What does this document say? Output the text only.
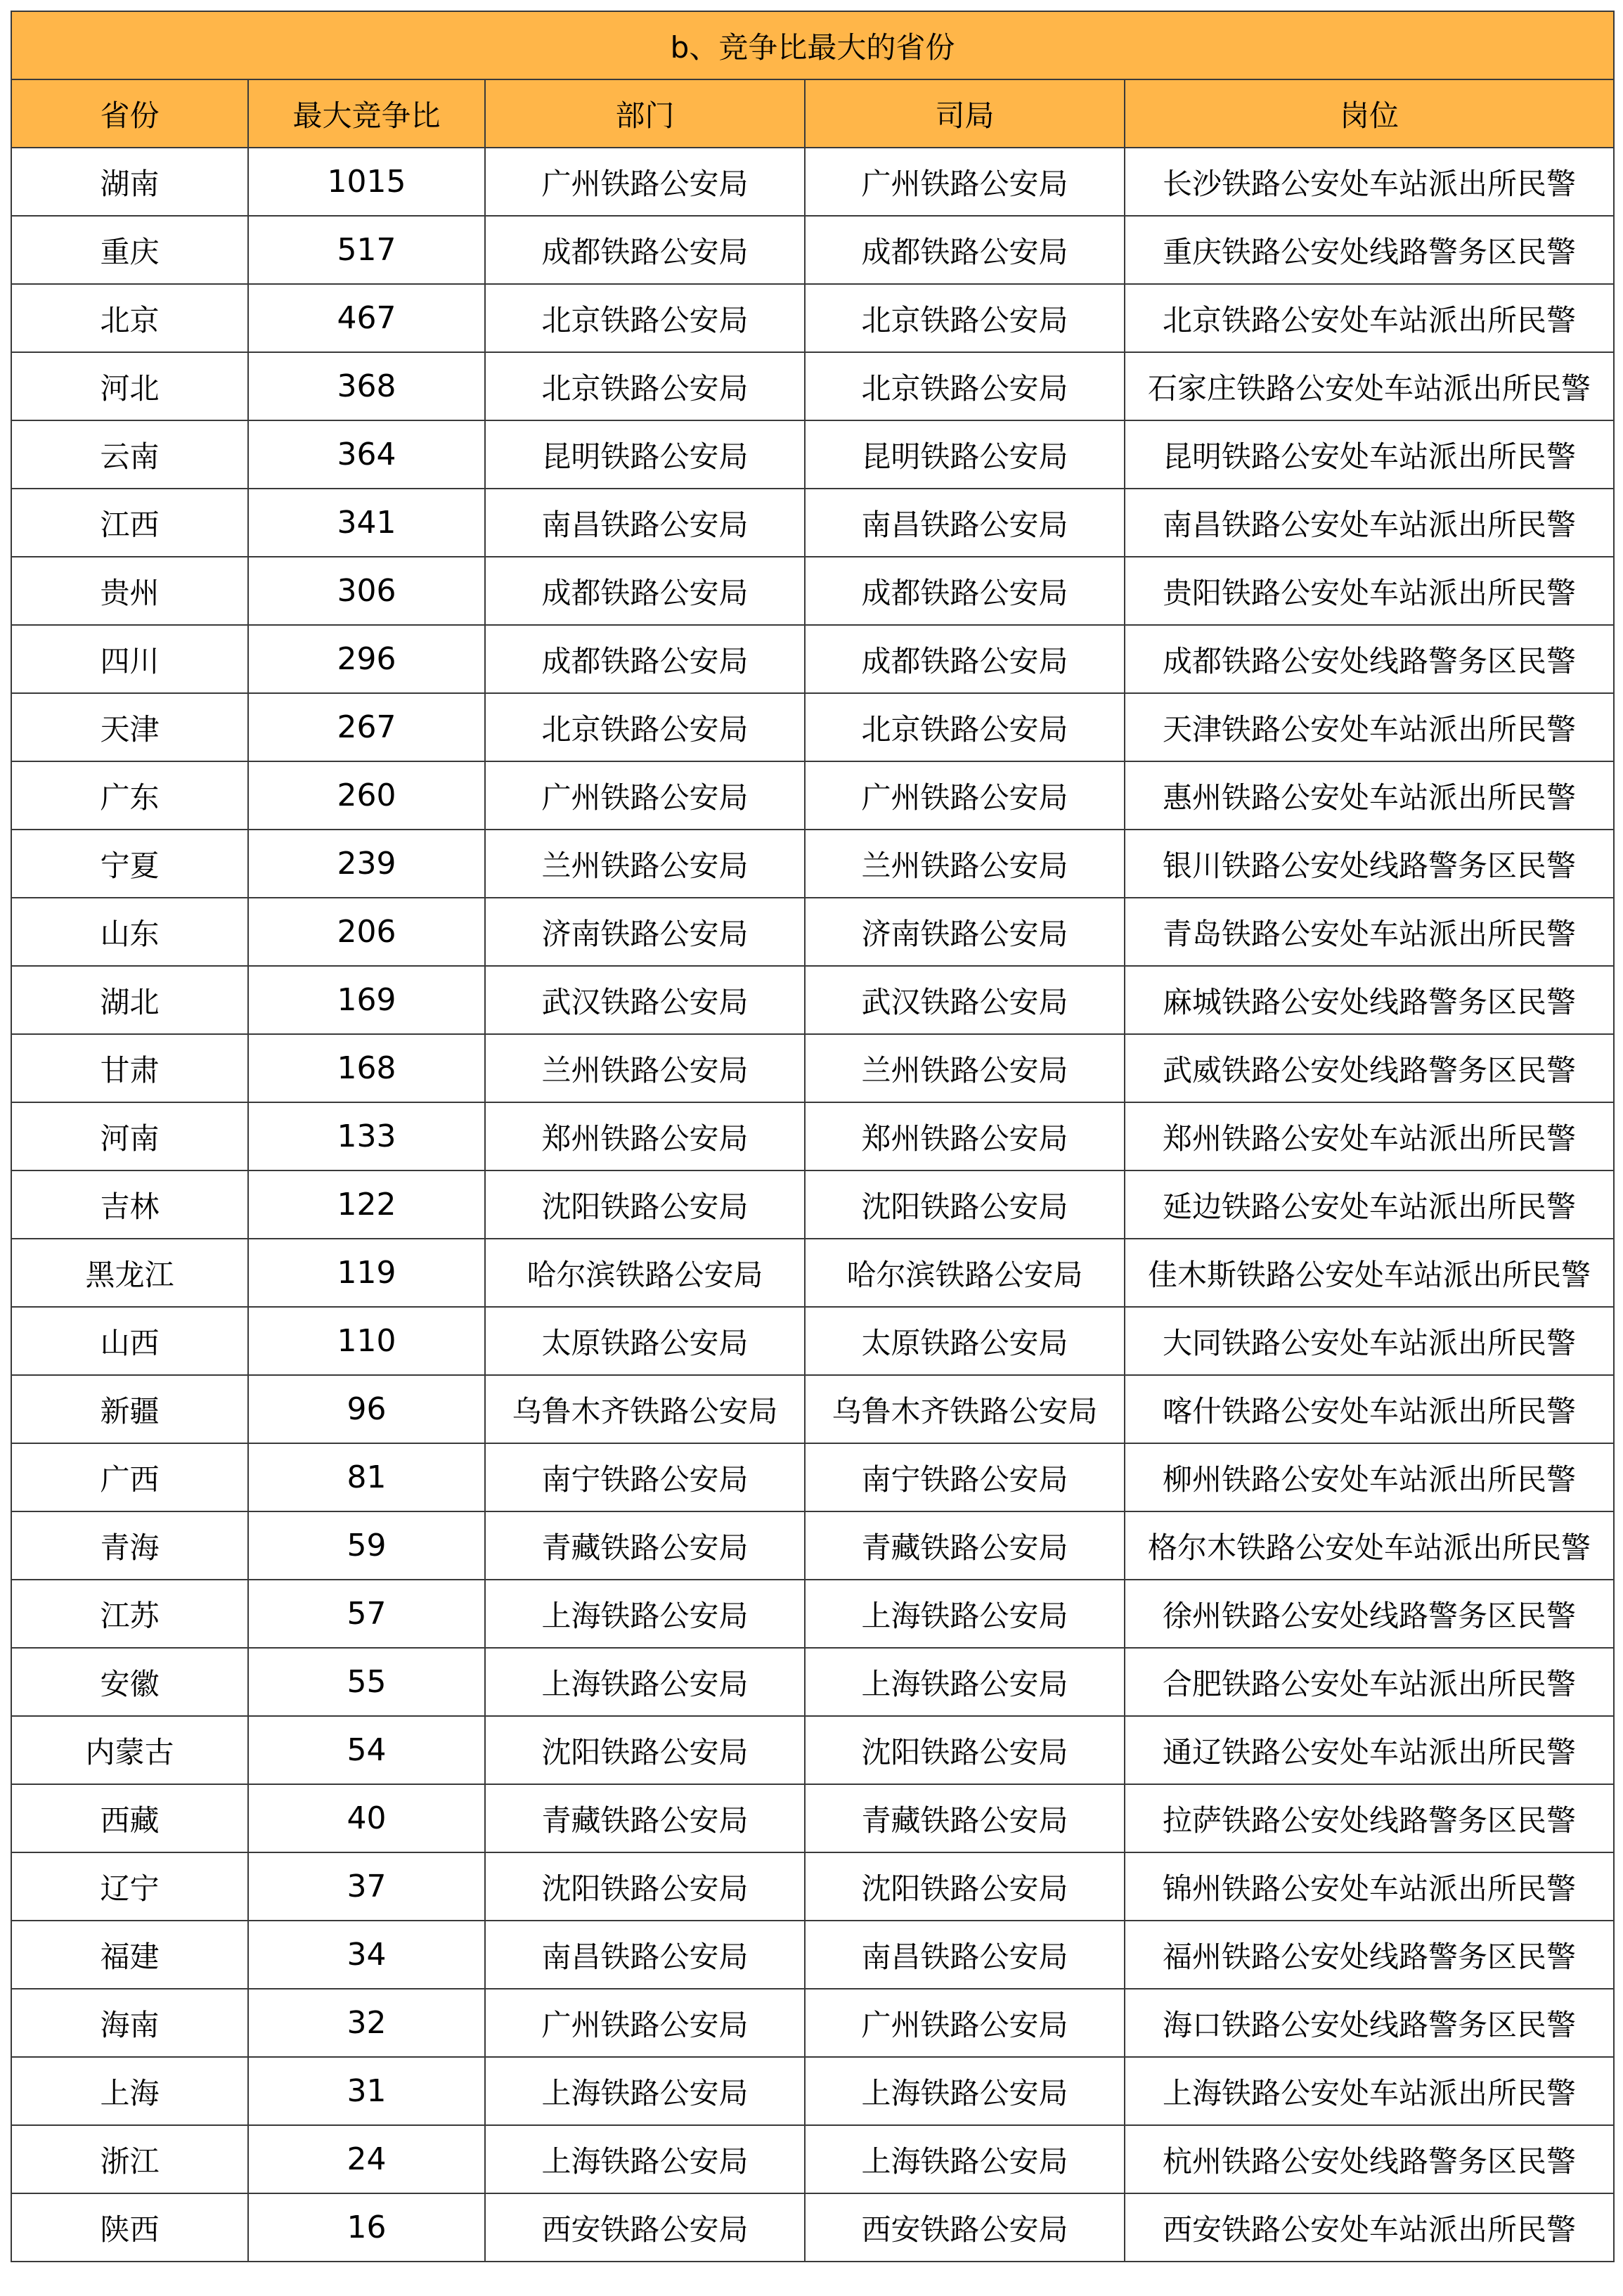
b、竞争比最大的省份				
省份	最大竞争比	部门	司局	岗位
湖南	1015	广州铁路公安局	广州铁路公安局	长沙铁路公安处车站派出所民警
重庆	517	成都铁路公安局	成都铁路公安局	重庆铁路公安处线路警务区民警
北京	467	北京铁路公安局	北京铁路公安局	北京铁路公安处车站派出所民警
河北	368	北京铁路公安局	北京铁路公安局	石家庄铁路公安处车站派出所民警
云南	364	昆明铁路公安局	昆明铁路公安局	昆明铁路公安处车站派出所民警
江西	341	南昌铁路公安局	南昌铁路公安局	南昌铁路公安处车站派出所民警
贵州	306	成都铁路公安局	成都铁路公安局	贵阳铁路公安处车站派出所民警
四川	296	成都铁路公安局	成都铁路公安局	成都铁路公安处线路警务区民警
天津	267	北京铁路公安局	北京铁路公安局	天津铁路公安处车站派出所民警
广东	260	广州铁路公安局	广州铁路公安局	惠州铁路公安处车站派出所民警
宁夏	239	兰州铁路公安局	兰州铁路公安局	银川铁路公安处线路警务区民警
山东	206	济南铁路公安局	济南铁路公安局	青岛铁路公安处车站派出所民警
湖北	169	武汉铁路公安局	武汉铁路公安局	麻城铁路公安处线路警务区民警
甘肃	168	兰州铁路公安局	兰州铁路公安局	武威铁路公安处线路警务区民警
河南	133	郑州铁路公安局	郑州铁路公安局	郑州铁路公安处车站派出所民警
吉林	122	沈阳铁路公安局	沈阳铁路公安局	延边铁路公安处车站派出所民警
黑龙江	119	哈尔滨铁路公安局	哈尔滨铁路公安局	佳木斯铁路公安处车站派出所民警
山西	110	太原铁路公安局	太原铁路公安局	大同铁路公安处车站派出所民警
新疆	96	乌鲁木齐铁路公安局	乌鲁木齐铁路公安局	喀什铁路公安处车站派出所民警
广西	81	南宁铁路公安局	南宁铁路公安局	柳州铁路公安处车站派出所民警
青海	59	青藏铁路公安局	青藏铁路公安局	格尔木铁路公安处车站派出所民警
江苏	57	上海铁路公安局	上海铁路公安局	徐州铁路公安处线路警务区民警
安徽	55	上海铁路公安局	上海铁路公安局	合肥铁路公安处车站派出所民警
内蒙古	54	沈阳铁路公安局	沈阳铁路公安局	通辽铁路公安处车站派出所民警
西藏	40	青藏铁路公安局	青藏铁路公安局	拉萨铁路公安处线路警务区民警
辽宁	37	沈阳铁路公安局	沈阳铁路公安局	锦州铁路公安处车站派出所民警
福建	34	南昌铁路公安局	南昌铁路公安局	福州铁路公安处线路警务区民警
海南	32	广州铁路公安局	广州铁路公安局	海口铁路公安处线路警务区民警
上海	31	上海铁路公安局	上海铁路公安局	上海铁路公安处车站派出所民警
浙江	24	上海铁路公安局	上海铁路公安局	杭州铁路公安处线路警务区民警
陕西	16	西安铁路公安局	西安铁路公安局	西安铁路公安处车站派出所民警
